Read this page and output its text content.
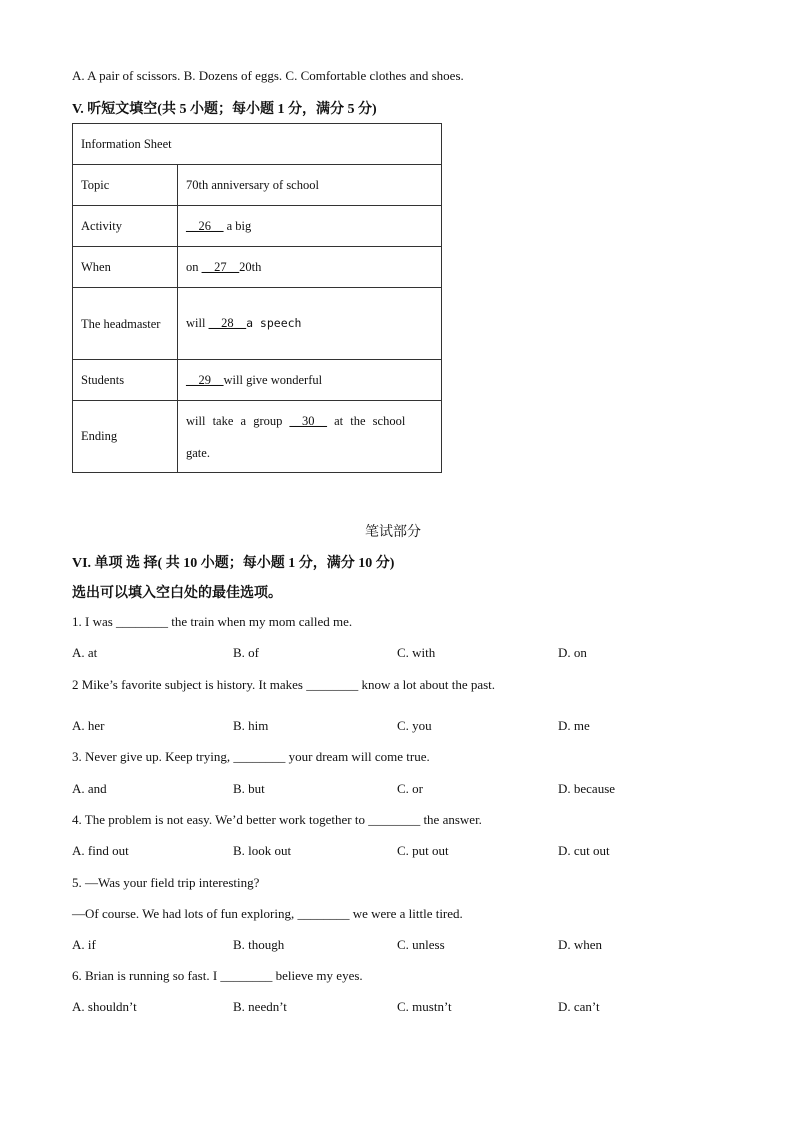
A. A pair of scissors. B. Dozens of eggs. C. Comfortable clothes and shoes.
V. 听短文填空(共 5 小题；每小题 1 分，满分 5 分)
Information Sheet	
Topic	70th anniversary of school
Activity	__26__ a big
When	on __27__20th
The headmaster	will __28__a speech
Students	__29__will give wonderful
Ending	will take a group __30__ at the school gate.
笔试部分
VI. 单项 选 择( 共 10 小题；每小题 1 分，满分 10 分)
选出可以填入空白处的最佳选项。
1. I was ________ the train when my mom called me.
A. at	B. of	C. with	D. on
2 Mike’s favorite subject is history. It makes ________ know a lot about the past.
A. her	B. him	C. you	D. me
3. Never give up. Keep trying, ________ your dream will come true.
A. and	B. but	C. or	D. because
4. The problem is not easy. We’d better work together to ________ the answer.
A. find out	B. look out	C. put out	D. cut out
5. —Was your field trip interesting?
—Of course. We had lots of fun exploring, ________ we were a little tired.
A. if	B. though	C. unless	D. when
6. Brian is running so fast. I ________ believe my eyes.
A. shouldn’t	B. needn’t	C. mustn’t	D. can’t
